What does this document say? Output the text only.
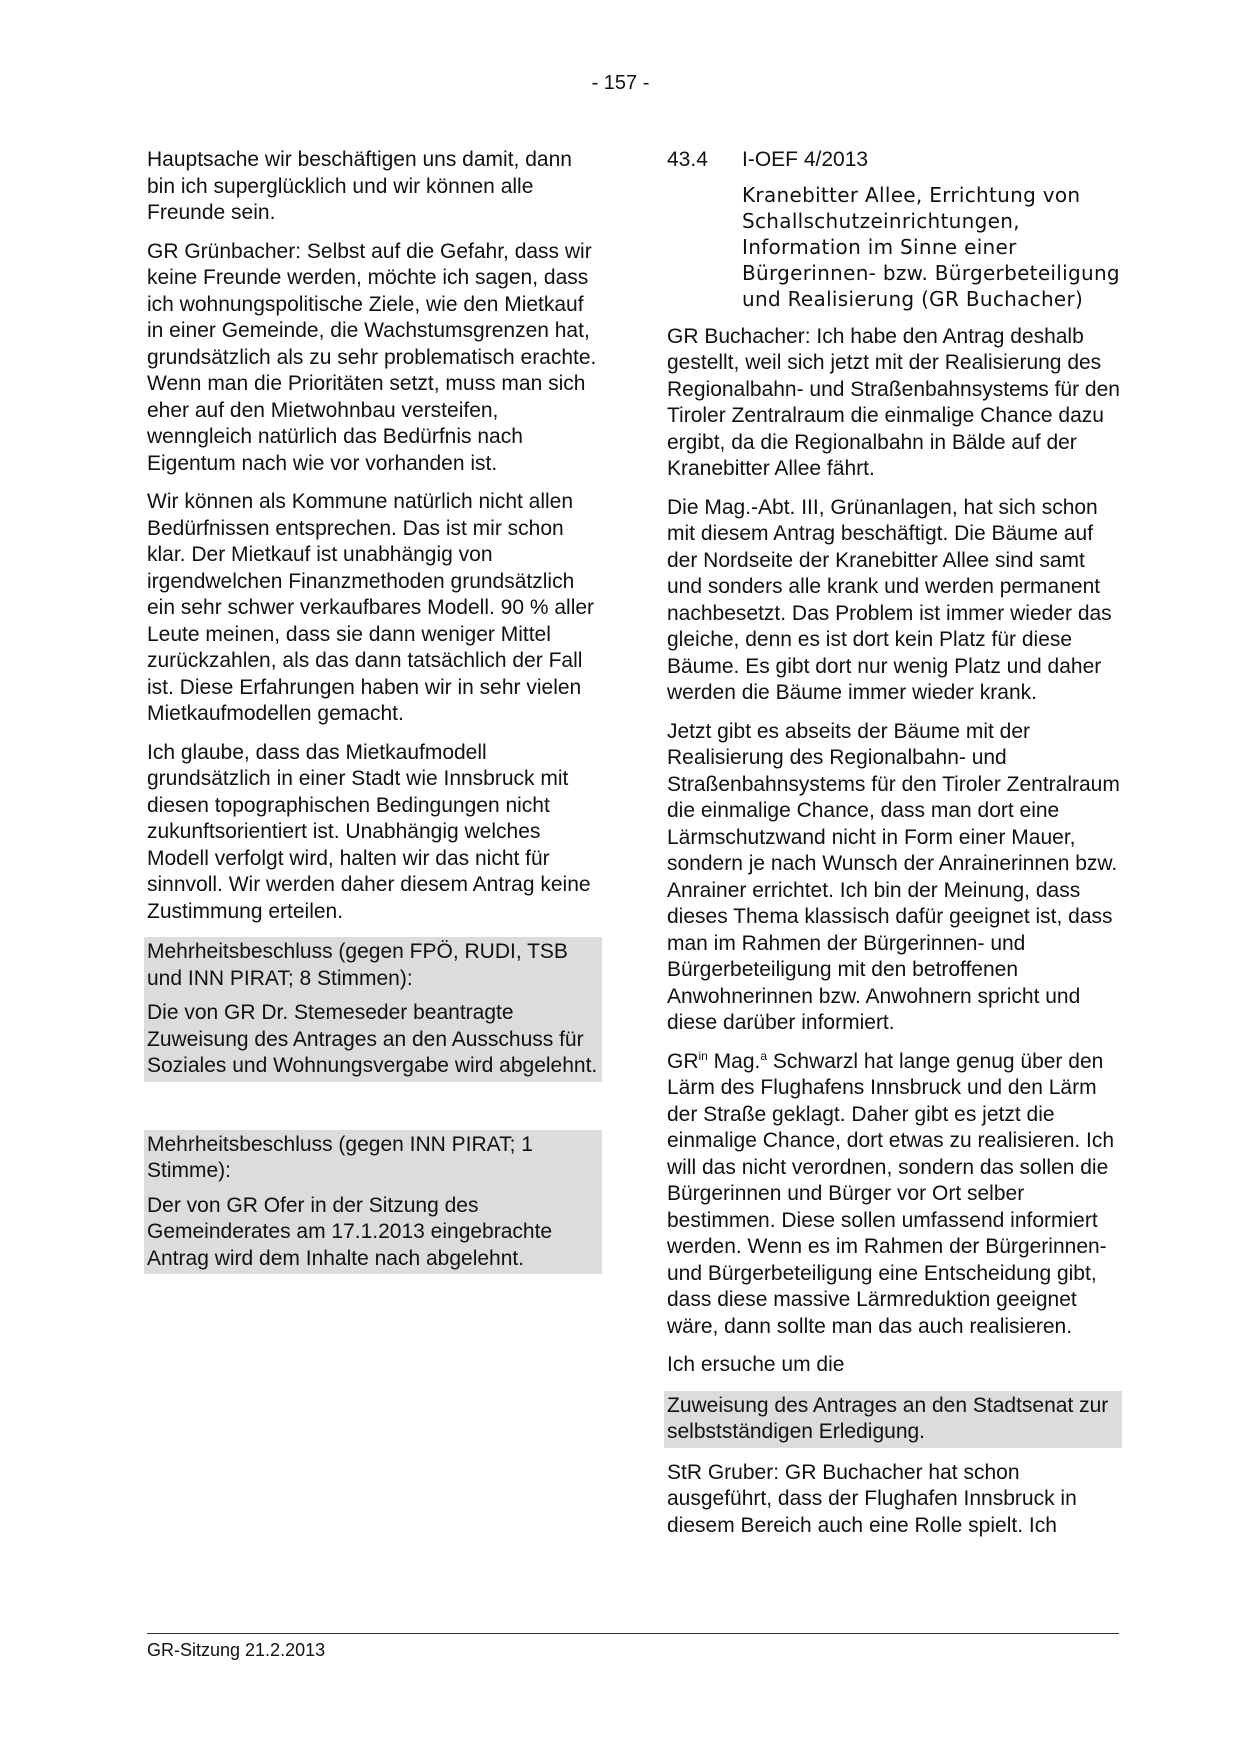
- 157 -

Hauptsache wir beschäftigen uns damit, dann bin ich superglücklich und wir können alle Freunde sein.

GR Grünbacher: Selbst auf die Gefahr, dass wir keine Freunde werden, möchte ich sagen, dass ich wohnungspolitische Ziele, wie den Mietkauf in einer Gemeinde, die Wachstumsgrenzen hat, grundsätzlich als zu sehr problematisch erachte. Wenn man die Prioritäten setzt, muss man sich eher auf den Mietwohnbau versteifen, wenngleich natürlich das Bedürfnis nach Eigentum nach wie vor vorhanden ist.

Wir können als Kommune natürlich nicht allen Bedürfnissen entsprechen. Das ist mir schon klar. Der Mietkauf ist unabhängig von irgendwelchen Finanzmethoden grundsätzlich ein sehr schwer verkaufbares Modell. 90 % aller Leute meinen, dass sie dann weniger Mittel zurückzahlen, als das dann tatsächlich der Fall ist. Diese Erfahrungen haben wir in sehr vielen Mietkaufmodellen gemacht.

Ich glaube, dass das Mietkaufmodell grundsätzlich in einer Stadt wie Innsbruck mit diesen topographischen Bedingungen nicht zukunftsorientiert ist. Unabhängig welches Modell verfolgt wird, halten wir das nicht für sinnvoll. Wir werden daher diesem Antrag keine Zustimmung erteilen.

Mehrheitsbeschluss (gegen FPÖ, RUDI, TSB und INN PIRAT; 8 Stimmen):

Die von GR Dr. Stemeseder beantragte Zuweisung des Antrages an den Ausschuss für Soziales und Wohnungsvergabe wird abgelehnt.

Mehrheitsbeschluss (gegen INN PIRAT; 1 Stimme):

Der von GR Ofer in der Sitzung des Gemeinderates am 17.1.2013 eingebrachte Antrag wird dem Inhalte nach abgelehnt.

43.4	I-OEF 4/2013
Kranebitter Allee, Errichtung von Schallschutzeinrichtungen, Information im Sinne einer Bürgerinnen- bzw. Bürgerbeteiligung und Realisierung (GR Buchacher)

GR Buchacher: Ich habe den Antrag deshalb gestellt, weil sich jetzt mit der Realisierung des Regionalbahn- und Straßenbahnsystems für den Tiroler Zentralraum die einmalige Chance dazu ergibt, da die Regionalbahn in Bälde auf der Kranebitter Allee fährt.

Die Mag.-Abt. III, Grünanlagen, hat sich schon mit diesem Antrag beschäftigt. Die Bäume auf der Nordseite der Kranebitter Allee sind samt und sonders alle krank und werden permanent nachbesetzt. Das Problem ist immer wieder das gleiche, denn es ist dort kein Platz für diese Bäume. Es gibt dort nur wenig Platz und daher werden die Bäume immer wieder krank.

Jetzt gibt es abseits der Bäume mit der Realisierung des Regionalbahn- und Straßenbahnsystems für den Tiroler Zentralraum die einmalige Chance, dass man dort eine Lärmschutzwand nicht in Form einer Mauer, sondern je nach Wunsch der Anrainerinnen bzw. Anrainer errichtet. Ich bin der Meinung, dass dieses Thema klassisch dafür geeignet ist, dass man im Rahmen der Bürgerinnen- und Bürgerbeteiligung mit den betroffenen Anwohnerinnen bzw. Anwohnern spricht und diese darüber informiert.

$GR^{in}$ Mag.$^a$ Schwarzl hat lange genug über den Lärm des Flughafens Innsbruck und den Lärm der Straße geklagt. Daher gibt es jetzt die einmalige Chance, dort etwas zu realisieren. Ich will das nicht verordnen, sondern das sollen die Bürgerinnen und Bürger vor Ort selber bestimmen. Diese sollen umfassend informiert werden. Wenn es im Rahmen der Bürgerinnen- und Bürgerbeteiligung eine Entscheidung gibt, dass diese massive Lärmreduktion geeignet wäre, dann sollte man das auch realisieren.

Ich ersuche um die

Zuweisung des Antrages an den Stadtsenat zur selbstständigen Erledigung.

StR Gruber: GR Buchacher hat schon ausgeführt, dass der Flughafen Innsbruck in diesem Bereich auch eine Rolle spielt. Ich

GR-Sitzung 21.2.2013
